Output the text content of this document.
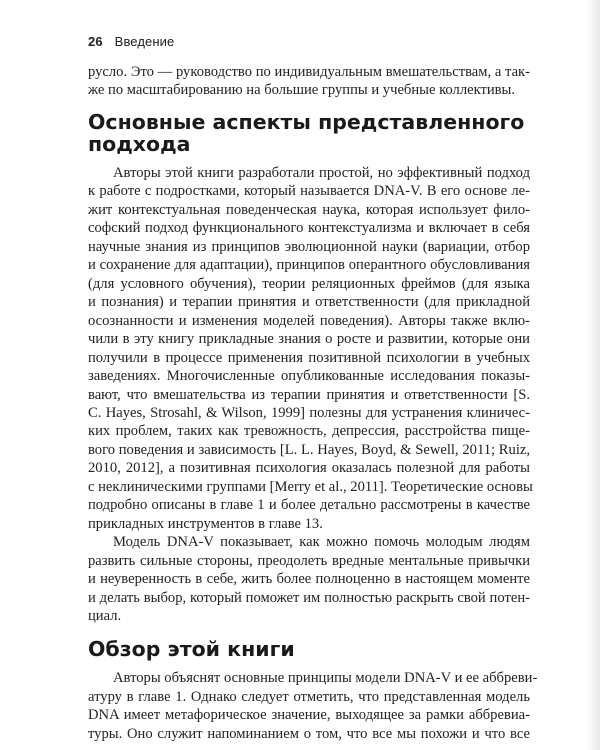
26 Введение
русло. Это — руководство по индивидуальным вмешательствам, а так-
же по масштабированию на большие группы и учебные коллективы.
Основные аспекты представленного
подхода
Авторы этой книги разработали простой, но эффективный подход
к работе с подростками, который называется DNA-V. В его основе ле-
жит контекстуальная поведенческая наука, которая использует фило-
софский подход функционального контекстуализма и включает в себя
научные знания из принципов эволюционной науки (вариации, отбор
и сохранение для адаптации), принципов оперантного обусловливания
(для условного обучения), теории реляционных фреймов (для языка
и познания) и терапии принятия и ответственности (для прикладной
осознанности и изменения моделей поведения). Авторы также вклю-
чили в эту книгу прикладные знания о росте и развитии, которые они
получили в процессе применения позитивной психологии в учебных
заведениях. Многочисленные опубликованные исследования показы-
вают, что вмешательства из терапии принятия и ответственности [S.
C. Hayes, Strosahl, & Wilson, 1999] полезны для устранения клиничес-
ких проблем, таких как тревожность, депрессия, расстройства пище-
вого поведения и зависимость [L. L. Hayes, Boyd, & Sewell, 2011; Ruiz,
2010, 2012], а позитивная психология оказалась полезной для работы
с неклиническими группами [Merry et al., 2011]. Теоретические основы
подробно описаны в главе 1 и более детально рассмотрены в качестве
прикладных инструментов в главе 13.
Модель DNA-V показывает, как можно помочь молодым людям
развить сильные стороны, преодолеть вредные ментальные привычки
и неуверенность в себе, жить более полноценно в настоящем моменте
и делать выбор, который поможет им полностью раскрыть свой потен-
циал.
Обзор этой книги
Авторы объяснят основные принципы модели DNA-V и ее аббреви-
атуру в главе 1. Однако следует отметить, что представленная модель
DNA имеет метафорическое значение, выходящее за рамки аббревиа-
туры. Оно служит напоминанием о том, что все мы похожи и что все
